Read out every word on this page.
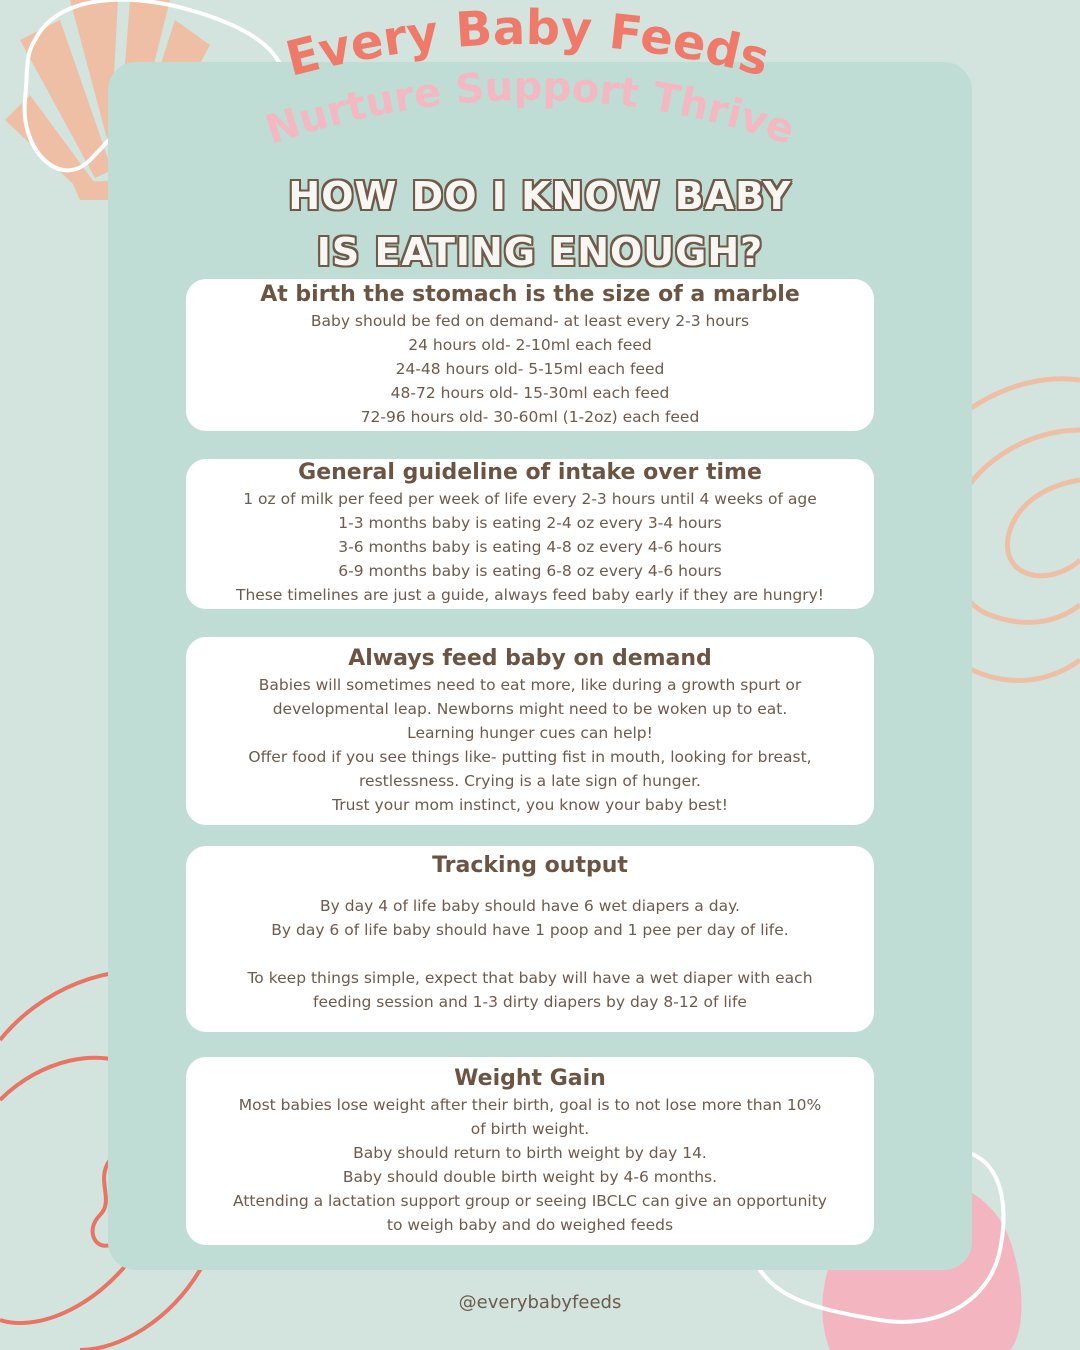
Every Baby Feeds
Nurture Support Thrive
HOW DO I KNOW BABY
IS EATING ENOUGH?
At birth the stomach is the size of a marble

Baby should be fed on demand- at least every 2-3 hours

24 hours old- 2-10ml each feed

24-48 hours old- 5-15ml each feed

48-72 hours old- 15-30ml each feed

72-96 hours old- 30-60ml (1-2oz) each feed

General guideline of intake over time

1 oz of milk per feed per week of life every 2-3 hours until 4 weeks of age

1-3 months baby is eating 2-4 oz every 3-4 hours

3-6 months baby is eating 4-8 oz every 4-6 hours

6-9 months baby is eating 6-8 oz every 4-6 hours

These timelines are just a guide, always feed baby early if they are hungry!

Always feed baby on demand

Babies will sometimes need to eat more, like during a growth spurt or

developmental leap. Newborns might need to be woken up to eat.

Learning hunger cues can help!

Offer food if you see things like- putting fist in mouth, looking for breast,

restlessness. Crying is a late sign of hunger.

Trust your mom instinct, you know your baby best!

Tracking output

By day 4 of life baby should have 6 wet diapers a day.

By day 6 of life baby should have 1 poop and 1 pee per day of life.

To keep things simple, expect that baby will have a wet diaper with each

feeding session and 1-3 dirty diapers by day 8-12 of life

Weight Gain

Most babies lose weight after their birth, goal is to not lose more than 10%

of birth weight.

Baby should return to birth weight by day 14.

Baby should double birth weight by 4-6 months.

Attending a lactation support group or seeing IBCLC can give an opportunity

to weigh baby and do weighed feeds

@everybabyfeeds
